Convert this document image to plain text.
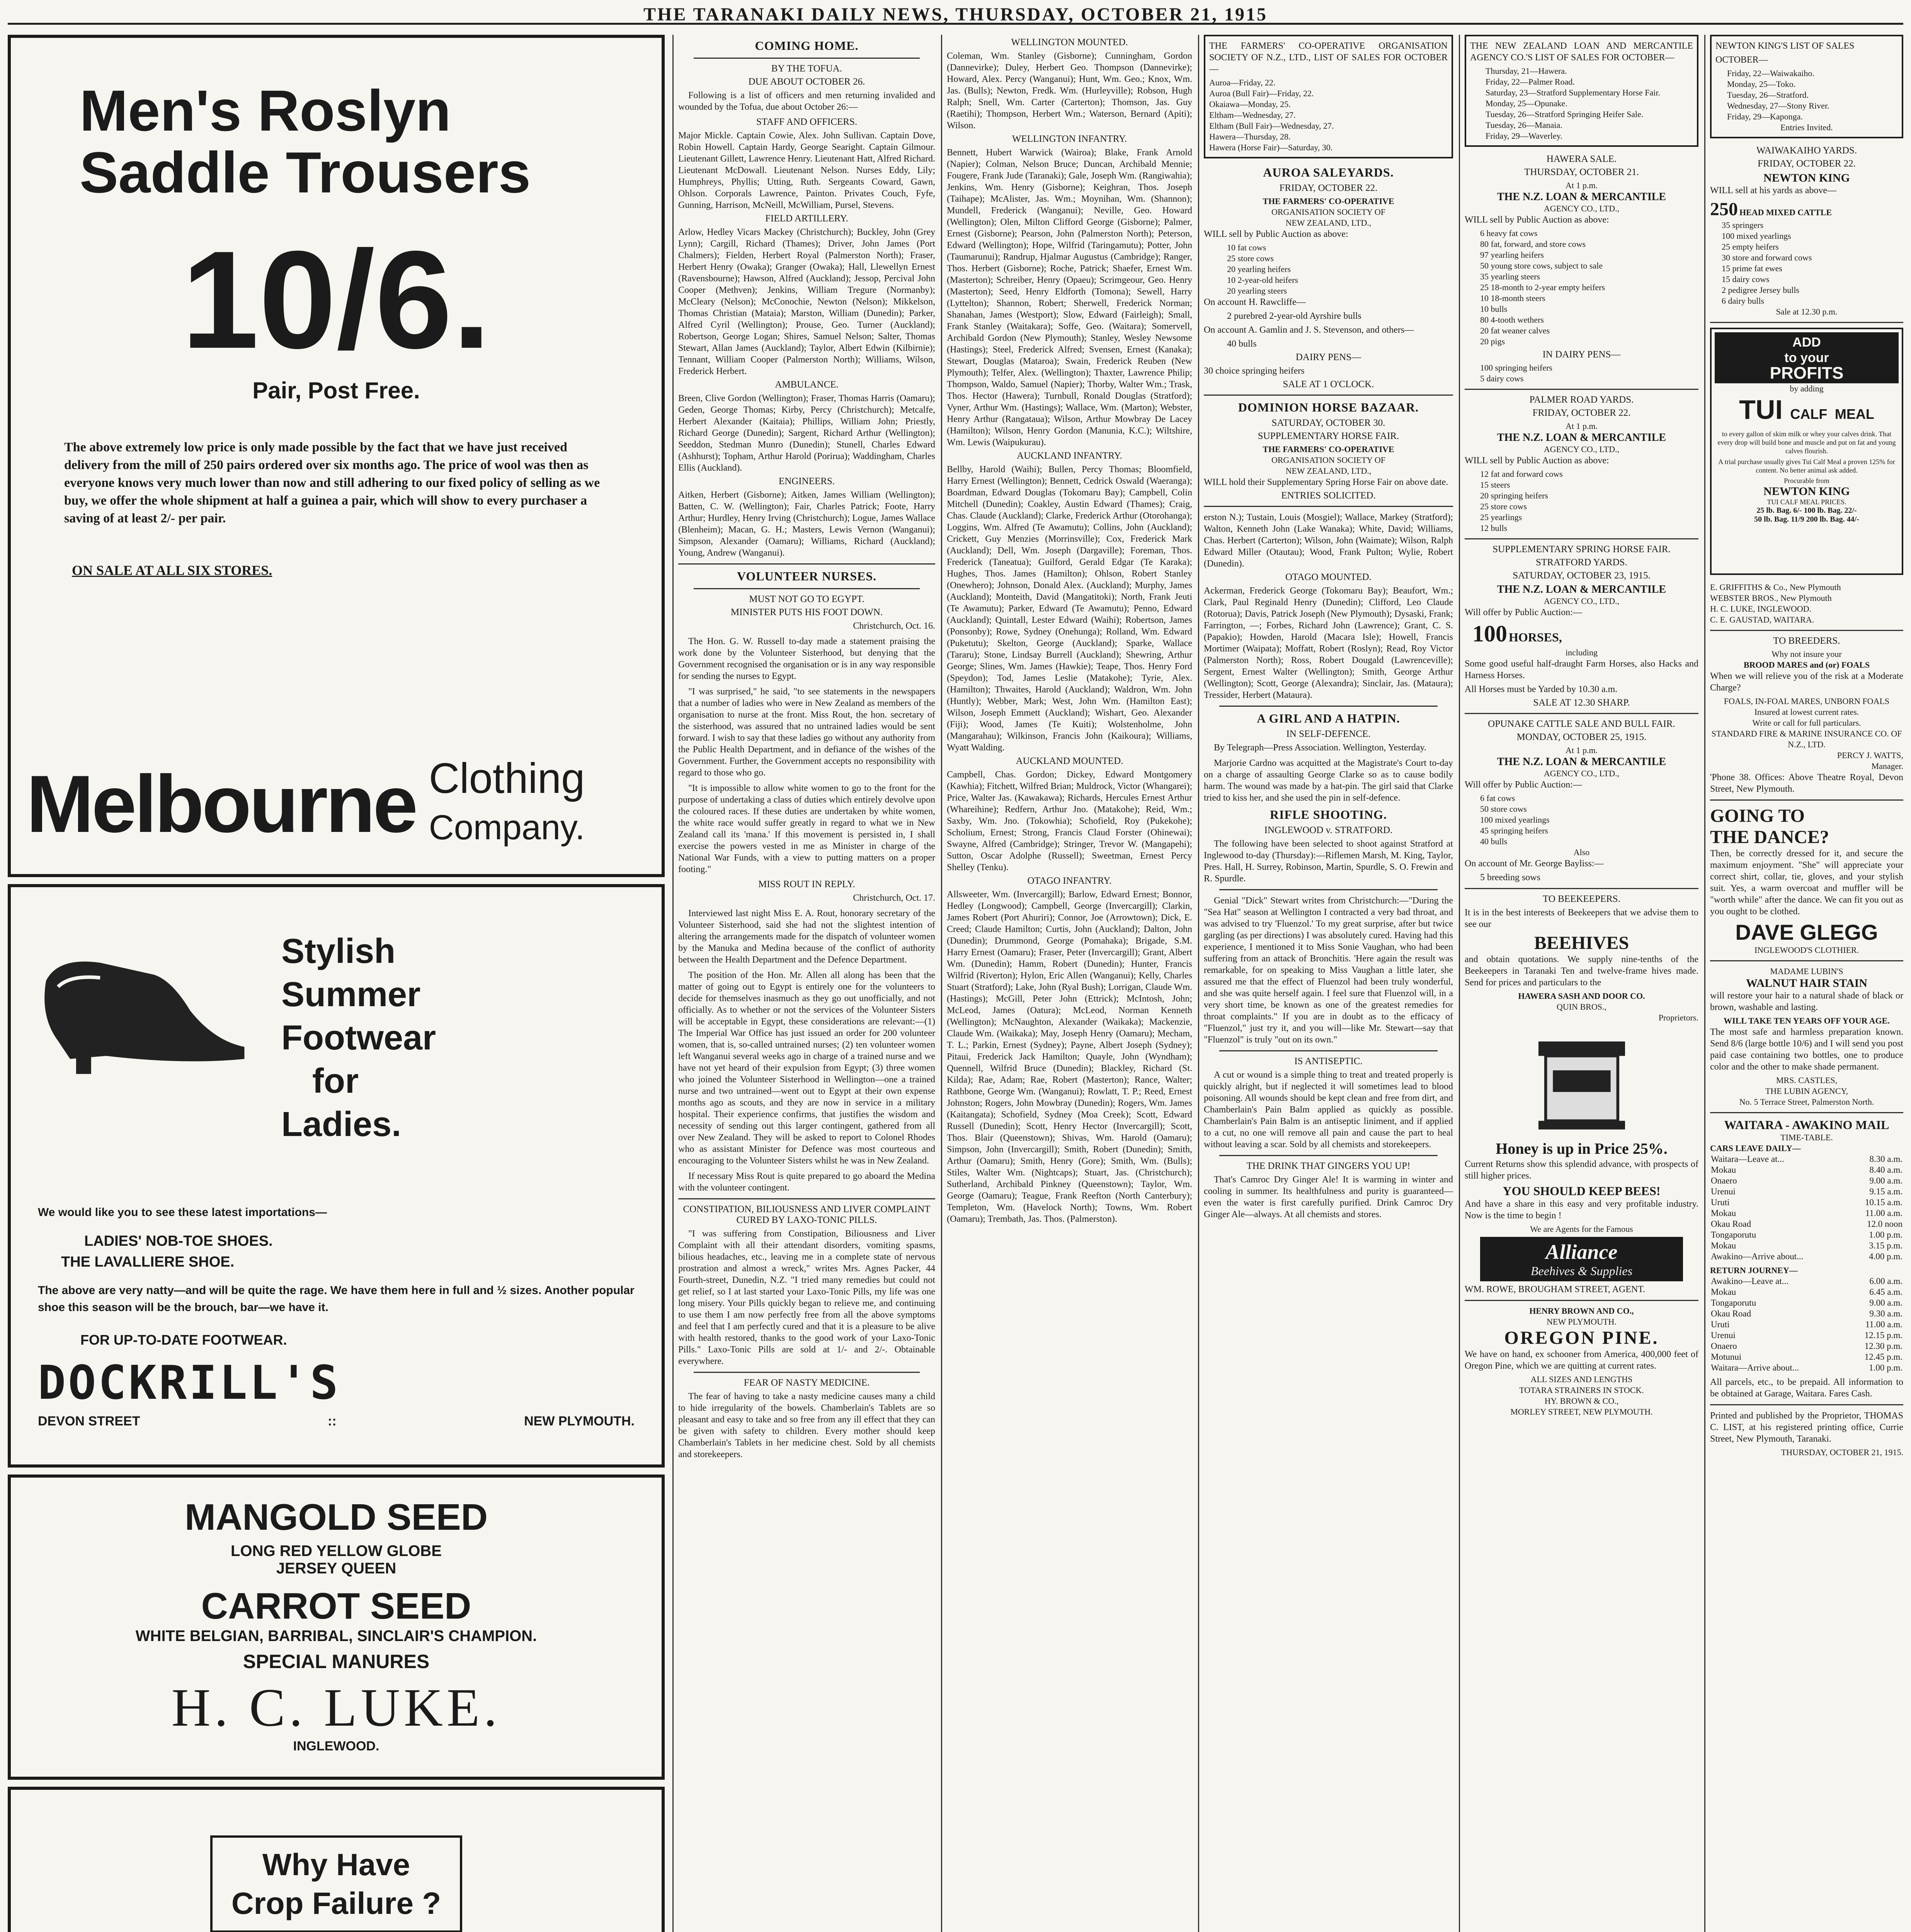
THE TARANAKI DAILY NEWS, THURSDAY, OCTOBER 21, 1915
Men's Roslyn
Saddle Trousers
10/6.
Pair, Post Free.

The above extremely low price is only made possible by the fact that we have just received delivery from the mill of 250 pairs ordered over six months ago. The price of wool was then as everyone knows very much lower than now and still adhering to our fixed policy of selling as we buy, we offer the whole shipment at half a guinea a pair, which will show to every purchaser a saving of at least 2/- per pair.

ON SALE AT ALL SIX STORES.
Melbourne Clothing
Company.
Stylish
Summer
Footwear
for
Ladies.
We would like you to see these latest importations—
LADIES' NOB-TOE SHOES.
THE LAVALLIERE SHOE.
The above are very natty—and will be quite the rage. We have them here in full and ½ sizes. Another popular shoe this season will be the brouch, bar—we have it.
FOR UP-TO-DATE FOOTWEAR.
DOCKRILL'S
DEVON STREET	::	NEW PLYMOUTH.
MANGOLD SEED
LONG RED YELLOW GLOBE
JERSEY QUEEN
CARROT SEED
WHITE BELGIAN, BARRIBAL, SINCLAIR'S CHAMPION.
SPECIAL MANURES
H. C. LUKE.
INGLEWOOD.
Why Have
Crop Failure ?
COMING HOME.
BY THE TOFUA.
DUE ABOUT OCTOBER 26.

Following is a list of officers and men returning invalided and wounded by the Tofua, due about October 26:—

STAFF AND OFFICERS.

Major Mickle. Captain Cowie, Alex. John Sullivan. Captain Dove, Robin Howell. Captain Hardy, George Searight. Captain Gilmour. Lieutenant Gillett, Lawrence Henry. Lieutenant Hatt, Alfred Richard. Lieutenant McDowall. Lieutenant Nelson. Nurses Eddy, Lily; Humphreys, Phyllis; Utting, Ruth. Sergeants Coward, Gawn, Ohlson. Corporals Lawrence, Painton. Privates Couch, Fyfe, Gunning, Harrison, McNeill, McWilliam, Pursel, Stevens.

FIELD ARTILLERY.

Arlow, Hedley Vicars Mackey (Christchurch); Buckley, John (Grey Lynn); Cargill, Richard (Thames); Driver, John James (Port Chalmers); Fielden, Herbert Royal (Palmerston North); Fraser, Herbert Henry (Owaka); Granger (Owaka); Hall, Llewellyn Ernest (Ravensbourne); Hawson, Alfred (Auckland); Jessop, Percival John Cooper (Methven); Jenkins, William Tregure (Normanby); McCleary (Nelson); McConochie, Newton (Nelson); Mikkelson, Thomas Christian (Mataia); Marston, William (Dunedin); Parker, Alfred Cyril (Wellington); Prouse, Geo. Turner (Auckland); Robertson, George Logan; Shires, Samuel Nelson; Salter, Thomas Stewart, Allan James (Auckland); Taylor, Albert Edwin (Kilbirnie); Tennant, William Cooper (Palmerston North); Williams, Wilson, Frederick Herbert.

AMBULANCE.

Breen, Clive Gordon (Wellington); Fraser, Thomas Harris (Oamaru); Geden, George Thomas; Kirby, Percy (Christchurch); Metcalfe, Herbert Alexander (Kaitaia); Phillips, William John; Priestly, Richard George (Dunedin); Sargent, Richard Arthur (Wellington); Seeddon, Stedman Munro (Dunedin); Stunell, Charles Edward (Ashhurst); Topham, Arthur Harold (Porirua); Waddingham, Charles Ellis (Auckland).

ENGINEERS.

Aitken, Herbert (Gisborne); Aitken, James William (Wellington); Batten, C. W. (Wellington); Fair, Charles Patrick; Foote, Harry Arthur; Hurdley, Henry Irving (Christchurch); Logue, James Wallace (Blenheim); Macan, G. H.; Masters, Lewis Vernon (Wanganui); Simpson, Alexander (Oamaru); Williams, Richard (Auckland); Young, Andrew (Wanganui).

VOLUNTEER NURSES.
MUST NOT GO TO EGYPT.
MINISTER PUTS HIS FOOT DOWN.

Christchurch, Oct. 16.

The Hon. G. W. Russell to-day made a statement praising the work done by the Volunteer Sisterhood, but denying that the Government recognised the organisation or is in any way responsible for sending the nurses to Egypt.

"I was surprised," he said, "to see statements in the newspapers that a number of ladies who were in New Zealand as members of the organisation to nurse at the front. Miss Rout, the hon. secretary of the sisterhood, was assured that no untrained ladies would be sent forward. I wish to say that these ladies go without any authority from the Public Health Department, and in defiance of the wishes of the Government. Further, the Government accepts no responsibility with regard to those who go.

"It is impossible to allow white women to go to the front for the purpose of undertaking a class of duties which entirely devolve upon the coloured races. If these duties are undertaken by white women, the white race would suffer greatly in regard to what we in New Zealand call its 'mana.' If this movement is persisted in, I shall exercise the powers vested in me as Minister in charge of the National War Funds, with a view to putting matters on a proper footing."

MISS ROUT IN REPLY.

Christchurch, Oct. 17.

Interviewed last night Miss E. A. Rout, honorary secretary of the Volunteer Sisterhood, said she had not the slightest intention of altering the arrangements made for the dispatch of volunteer women by the Manuka and Medina because of the conflict of authority between the Health Department and the Defence Department.

The position of the Hon. Mr. Allen all along has been that the matter of going out to Egypt is entirely one for the volunteers to decide for themselves inasmuch as they go out unofficially, and not officially. As to whether or not the services of the Volunteer Sisters will be acceptable in Egypt, these considerations are relevant:—(1) The Imperial War Office has just issued an order for 200 volunteer women, that is, so-called untrained nurses; (2) ten volunteer women left Wanganui several weeks ago in charge of a trained nurse and we have not yet heard of their expulsion from Egypt; (3) three women who joined the Volunteer Sisterhood in Wellington—one a trained nurse and two untrained—went out to Egypt at their own expense months ago as scouts, and they are now in service in a military hospital. Their experience confirms, that justifies the wisdom and necessity of sending out this larger contingent, gathered from all over New Zealand. They will be asked to report to Colonel Rhodes who as assistant Minister for Defence was most courteous and encouraging to the Volunteer Sisters whilst he was in New Zealand.

If necessary Miss Rout is quite prepared to go aboard the Medina with the volunteer contingent.

CONSTIPATION, BILIOUSNESS AND LIVER COMPLAINT CURED BY LAXO-TONIC PILLS.

"I was suffering from Constipation, Biliousness and Liver Complaint with all their attendant disorders, vomiting spasms, bilious headaches, etc., leaving me in a complete state of nervous prostration and almost a wreck," writes Mrs. Agnes Packer, 44 Fourth-street, Dunedin, N.Z. "I tried many remedies but could not get relief, so I at last started your Laxo-Tonic Pills, my life was one long misery. Your Pills quickly began to relieve me, and continuing to use them I am now perfectly free from all the above symptoms and feel that I am perfectly cured and that it is a pleasure to be alive with health restored, thanks to the good work of your Laxo-Tonic Pills." Laxo-Tonic Pills are sold at 1/- and 2/-. Obtainable everywhere.

FEAR OF NASTY MEDICINE.

The fear of having to take a nasty medicine causes many a child to hide irregularity of the bowels. Chamberlain's Tablets are so pleasant and easy to take and so free from any ill effect that they can be given with safety to children. Every mother should keep Chamberlain's Tablets in her medicine chest. Sold by all chemists and storekeepers.

WELLINGTON MOUNTED.

Coleman, Wm. Stanley (Gisborne); Cunningham, Gordon (Dannevirke); Duley, Herbert Geo. Thompson (Dannevirke); Howard, Alex. Percy (Wanganui); Hunt, Wm. Geo.; Knox, Wm. Jas. (Bulls); Newton, Fredk. Wm. (Hurleyville); Robson, Hugh Ralph; Snell, Wm. Carter (Carterton); Thomson, Jas. Guy (Raetihi); Thompson, Herbert Wm.; Waterson, Bernard (Apiti); Wilson.

WELLINGTON INFANTRY.

Bennett, Hubert Warwick (Wairoa); Blake, Frank Arnold (Napier); Colman, Nelson Bruce; Duncan, Archibald Mennie; Fougere, Frank Jude (Taranaki); Gale, Joseph Wm. (Rangiwahia); Jenkins, Wm. Henry (Gisborne); Keighran, Thos. Joseph (Taihape); McAlister, Jas. Wm.; Moynihan, Wm. (Shannon); Mundell, Frederick (Wanganui); Neville, Geo. Howard (Wellington); Olen, Milton Clifford George (Gisborne); Palmer, Ernest (Gisborne); Pearson, John (Palmerston North); Peterson, Edward (Wellington); Hope, Wilfrid (Taringamutu); Potter, John (Taumarunui); Randrup, Hjalmar Augustus (Cambridge); Ranger, Thos. Herbert (Gisborne); Roche, Patrick; Shaefer, Ernest Wm. (Masterton); Schreiber, Henry (Opaeu); Scrimgeour, Geo. Henry (Masterton); Seed, Henry Eldforth (Tomona); Sewell, Harry (Lyttelton); Shannon, Robert; Sherwell, Frederick Norman; Shanahan, James (Westport); Slow, Edward (Fairleigh); Small, Frank Stanley (Waitakara); Soffe, Geo. (Waitara); Somervell, Archibald Gordon (New Plymouth); Stanley, Wesley Newsome (Hastings); Steel, Frederick Alfred; Svensen, Ernest (Kanaka); Stewart, Douglas (Mataroa); Swain, Frederick Reuben (New Plymouth); Telfer, Alex. (Wellington); Thaxter, Lawrence Philip; Thompson, Waldo, Samuel (Napier); Thorby, Walter Wm.; Trask, Thos. Hector (Hawera); Turnbull, Ronald Douglas (Stratford); Vyner, Arthur Wm. (Hastings); Wallace, Wm. (Marton); Webster, Henry Arthur (Rangataua); Wilson, Arthur Mowbray De Lacey (Hamilton); Wilson, Henry Gordon (Manunia, K.C.); Wiltshire, Wm. Lewis (Waipukurau).

AUCKLAND INFANTRY.

Bellby, Harold (Waihi); Bullen, Percy Thomas; Bloomfield, Harry Ernest (Wellington); Bennett, Cedrick Oswald (Waeranga); Boardman, Edward Douglas (Tokomaru Bay); Campbell, Colin Mitchell (Dunedin); Coakley, Austin Edward (Thames); Craig, Chas. Claude (Auckland); Clarke, Frederick Arthur (Otorohanga); Loggins, Wm. Alfred (Te Awamutu); Collins, John (Auckland); Crickett, Guy Menzies (Morrinsville); Cox, Frederick Mark (Auckland); Dell, Wm. Joseph (Dargaville); Foreman, Thos. Frederick (Taneatua); Guilford, Gerald Edgar (Te Karaka); Hughes, Thos. James (Hamilton); Ohlson, Robert Stanley (Onewhero); Johnson, Donald Alex. (Auckland); Murphy, James (Auckland); Monteith, David (Mangatitoki); North, Frank Jeuti (Te Awamutu); Parker, Edward (Te Awamutu); Penno, Edward (Auckland); Quintall, Lester Edward (Waihi); Robertson, James (Ponsonby); Rowe, Sydney (Onehunga); Rolland, Wm. Edward (Puketutu); Skelton, George (Auckland); Sparke, Wallace (Tararu); Stone, Lindsay Burrell (Auckland); Shewring, Arthur George; Slines, Wm. James (Hawkie); Teape, Thos. Henry Ford (Speydon); Tod, James Leslie (Matakohe); Tyrie, Alex. (Hamilton); Thwaites, Harold (Auckland); Waldron, Wm. John (Huntly); Webber, Mark; West, John Wm. (Hamilton East); Wilson, Joseph Emmett (Auckland); Wishart, Geo. Alexander (Fiji); Wood, James (Te Kuiti); Wolstenholme, John (Mangarahau); Wilkinson, Francis John (Kaikoura); Williams, Wyatt Walding.

AUCKLAND MOUNTED.

Campbell, Chas. Gordon; Dickey, Edward Montgomery (Kawhia); Fitchett, Wilfred Brian; Muldrock, Victor (Whangarei); Price, Walter Jas. (Kawakawa); Richards, Hercules Ernest Arthur (Whareihine); Redfern, Arthur Jno. (Matakohe); Reid, Wm.; Saxby, Wm. Jno. (Tokowhia); Schofield, Roy (Pukekohe); Scholium, Ernest; Strong, Francis Claud Forster (Ohinewai); Swayne, Alfred (Cambridge); Stringer, Trevor W. (Mangapehi); Sutton, Oscar Adolphe (Russell); Sweetman, Ernest Percy Shelley (Tenku).

OTAGO INFANTRY.

Allsweeter, Wm. (Invercargill); Barlow, Edward Ernest; Bonnor, Hedley (Longwood); Campbell, George (Invercargill); Clarkin, James Robert (Port Ahuriri); Connor, Joe (Arrowtown); Dick, E. Creed; Claude Hamilton; Curtis, John (Auckland); Dalton, John (Dunedin); Drummond, George (Pomahaka); Brigade, S.M. Harry Ernest (Oamaru); Fraser, Peter (Invercargill); Grant, Albert Wm. (Dunedin); Hamm, Robert (Dunedin); Hunter, Francis Wilfrid (Riverton); Hylon, Eric Allen (Wanganui); Kelly, Charles Stuart (Stratford); Lake, John (Ryal Bush); Lorrigan, Claude Wm. (Hastings); McGill, Peter John (Ettrick); McIntosh, John; McLeod, James (Oatura); McLeod, Norman Kenneth (Wellington); McNaughton, Alexander (Waikaka); Mackenzie, Claude Wm. (Waikaka); May, Joseph Henry (Oamaru); Mecham, T. L.; Parkin, Ernest (Sydney); Payne, Albert Joseph (Sydney); Pitaui, Frederick Jack Hamilton; Quayle, John (Wyndham); Quennell, Wilfrid Bruce (Dunedin); Blackley, Richard (St. Kilda); Rae, Adam; Rae, Robert (Masterton); Rance, Walter; Rathbone, George Wm. (Wanganui); Rowlatt, T. P.; Reed, Ernest Johnston; Rogers, John Mowbray (Dunedin); Rogers, Wm. James (Kaitangata); Schofield, Sydney (Moa Creek); Scott, Edward Russell (Dunedin); Scott, Henry Hector (Invercargill); Scott, Thos. Blair (Queenstown); Shivas, Wm. Harold (Oamaru); Simpson, John (Invercargill); Smith, Robert (Dunedin); Smith, Arthur (Oamaru); Smith, Henry (Gore); Smith, Wm. (Bulls); Stiles, Walter Wm. (Nightcaps); Stuart, Jas. (Christchurch); Sutherland, Archibald Pinkney (Queenstown); Taylor, Wm. George (Oamaru); Teague, Frank Reefton (North Canterbury); Templeton, Wm. (Havelock North); Towns, Wm. Robert (Oamaru); Trembath, Jas. Thos. (Palmerston).

THE FARMERS' CO-OPERATIVE ORGANISATION SOCIETY OF N.Z., LTD., LIST OF SALES FOR OCTOBER—

Auroa—Friday, 22.
Auroa (Bull Fair)—Friday, 22.
Okaiawa—Monday, 25.
Eltham—Wednesday, 27.
Eltham (Bull Fair)—Wednesday, 27.
Hawera—Thursday, 28.
Hawera (Horse Fair)—Saturday, 30.
AUROA SALEYARDS.
FRIDAY, OCTOBER 22.
THE FARMERS' CO-OPERATIVE
ORGANISATION SOCIETY OF
NEW ZEALAND, LTD.,

WILL sell by Public Auction as above:

10 fat cows
25 store cows
20 yearling heifers
10 2-year-old heifers
20 yearling steers

On account H. Rawcliffe—

2 purebred 2-year-old Ayrshire bulls

On account A. Gamlin and J. S. Stevenson, and others—

40 bulls

DAIRY PENS—

30 choice springing heifers

SALE AT 1 O'CLOCK.
DOMINION HORSE BAZAAR.
SATURDAY, OCTOBER 30.
SUPPLEMENTARY HORSE FAIR.
THE FARMERS' CO-OPERATIVE
ORGANISATION SOCIETY OF
NEW ZEALAND, LTD.,

WILL hold their Supplementary Spring Horse Fair on above date.

ENTRIES SOLICITED.

erston N.); Tustain, Louis (Mosgiel); Wallace, Markey (Stratford); Walton, Kenneth John (Lake Wanaka); White, David; Williams, Chas. Herbert (Carterton); Wilson, John (Waimate); Wilson, Ralph Edward Miller (Otautau); Wood, Frank Pulton; Wylie, Robert (Dunedin).

OTAGO MOUNTED.

Ackerman, Frederick George (Tokomaru Bay); Beaufort, Wm.; Clark, Paul Reginald Henry (Dunedin); Clifford, Leo Claude (Rotorua); Davis, Patrick Joseph (New Plymouth); Dysaski, Frank; Farrington, —; Forbes, Richard John (Lawrence); Grant, C. S. (Papakio); Howden, Harold (Macara Isle); Howell, Francis Mortimer (Waipata); Moffatt, Robert (Roslyn); Read, Roy Victor (Palmerston North); Ross, Robert Dougald (Lawrenceville); Sergent, Ernest Walter (Wellington); Smith, George Arthur (Wellington); Scott, George (Alexandra); Sinclair, Jas. (Mataura); Tressider, Herbert (Mataura).

A GIRL AND A HATPIN.
IN SELF-DEFENCE.

By Telegraph—Press Association. Wellington, Yesterday.

Marjorie Cardno was acquitted at the Magistrate's Court to-day on a charge of assaulting George Clarke so as to cause bodily harm. The wound was made by a hat-pin. The girl said that Clarke tried to kiss her, and she used the pin in self-defence.

RIFLE SHOOTING.
INGLEWOOD v. STRATFORD.

The following have been selected to shoot against Stratford at Inglewood to-day (Thursday):—Riflemen Marsh, M. King, Taylor, Pres. Hall, H. Surrey, Robinson, Martin, Spurdle, S. O. Frewin and R. Spurdle.

Genial "Dick" Stewart writes from Christchurch:—"During the "Sea Hat" season at Wellington I contracted a very bad throat, and was advised to try 'Fluenzol.' To my great surprise, after but twice gargling (as per directions) I was absolutely cured. Having had this experience, I mentioned it to Miss Sonie Vaughan, who had been suffering from an attack of Bronchitis. 'Here again the result was remarkable, for on speaking to Miss Vaughan a little later, she assured me that the effect of Fluenzol had been truly wonderful, and she was quite herself again. I feel sure that Fluenzol will, in a very short time, be known as one of the greatest remedies for throat complaints." If you are in doubt as to the efficacy of "Fluenzol," just try it, and you will—like Mr. Stewart—say that "Fluenzol" is truly "out on its own."

IS ANTISEPTIC.

A cut or wound is a simple thing to treat and treated properly is quickly alright, but if neglected it will sometimes lead to blood poisoning. All wounds should be kept clean and free from dirt, and Chamberlain's Pain Balm applied as quickly as possible. Chamberlain's Pain Balm is an antiseptic liniment, and if applied to a cut, no one will remove all pain and cause the part to heal without leaving a scar. Sold by all chemists and storekeepers.

THE DRINK THAT GINGERS YOU UP!

That's Camroc Dry Ginger Ale! It is warming in winter and cooling in summer. Its healthfulness and purity is guaranteed—even the water is first carefully purified. Drink Camroc Dry Ginger Ale—always. At all chemists and stores.

THE NEW ZEALAND LOAN AND MERCANTILE AGENCY CO.'S LIST OF SALES FOR OCTOBER—

Thursday, 21—Hawera.
Friday, 22—Palmer Road.
Saturday, 23—Stratford Supplementary Horse Fair.
Monday, 25—Opunake.
Tuesday, 26—Stratford Springing Heifer Sale.
Tuesday, 26—Manaia.
Friday, 29—Waverley.
HAWERA SALE.
THURSDAY, OCTOBER 21.
At 1 p.m.
THE N.Z. LOAN & MERCANTILE
AGENCY CO., LTD.,

WILL sell by Public Auction as above:

6 heavy fat cows
80 fat, forward, and store cows
97 yearling heifers
50 young store cows, subject to sale
35 yearling steers
25 18-month to 2-year empty heifers
10 18-month steers
10 bulls
80 4-tooth wethers
20 fat weaner calves
20 pigs
IN DAIRY PENS—
100 springing heifers
5 dairy cows
PALMER ROAD YARDS.
FRIDAY, OCTOBER 22.
At 1 p.m.
THE N.Z. LOAN & MERCANTILE
AGENCY CO., LTD.,

WILL sell by Public Auction as above:

12 fat and forward cows
15 steers
20 springing heifers
25 store cows
25 yearlings
12 bulls
SUPPLEMENTARY SPRING HORSE FAIR.
STRATFORD YARDS.
SATURDAY, OCTOBER 23, 1915.
THE N.Z. LOAN & MERCANTILE
AGENCY CO., LTD.,

Will offer by Public Auction:—

100 HORSES,
including

Some good useful half-draught Farm Horses, also Hacks and Harness Horses.

All Horses must be Yarded by 10.30 a.m.

SALE AT 12.30 SHARP.
OPUNAKE CATTLE SALE AND BULL FAIR.
MONDAY, OCTOBER 25, 1915.
At 1 p.m.
THE N.Z. LOAN & MERCANTILE
AGENCY CO., LTD.,

Will offer by Public Auction:—

6 fat cows
50 store cows
100 mixed yearlings
45 springing heifers
40 bulls
Also

On account of Mr. George Bayliss:—

5 breeding sows

TO BEEKEEPERS.

It is in the best interests of Beekeepers that we advise them to see our

BEEHIVES

and obtain quotations. We supply nine-tenths of the Beekeepers in Taranaki Ten and twelve-frame hives made. Send for prices and particulars to the

HAWERA SASH AND DOOR CO.
QUIN BROS.,
Proprietors.
Honey is up in Price 25%.

Current Returns show this splendid advance, with prospects of still higher prices.

YOU SHOULD KEEP BEES!

And have a share in this easy and very profitable industry. Now is the time to begin !

We are Agents for the Famous
Alliance
Beehives & Supplies

WM. ROWE, BROUGHAM STREET, AGENT.

HENRY BROWN AND CO.,
NEW PLYMOUTH.
OREGON PINE.

We have on hand, ex schooner from America, 400,000 feet of Oregon Pine, which we are quitting at current rates.

ALL SIZES AND LENGTHS
TOTARA STRAINERS IN STOCK.
HY. BROWN & CO.,
MORLEY STREET, NEW PLYMOUTH.

NEWTON KING'S LIST OF SALES

OCTOBER—

Friday, 22—Waiwakaiho.
Monday, 25—Toko.
Tuesday, 26—Stratford.
Wednesday, 27—Stony River.
Friday, 29—Kaponga.
Entries Invited.
WAIWAKAIHO YARDS.
FRIDAY, OCTOBER 22.
NEWTON KING

WILL sell at his yards as above—

250 HEAD MIXED CATTLE
35 springers
100 mixed yearlings
25 empty heifers
30 store and forward cows
15 prime fat ewes
15 dairy cows
2 pedigree Jersey bulls
6 dairy bulls
Sale at 12.30 p.m.
ADD
to your
PROFITS
by adding
TUI CALF MEAL
to every gallon of skim milk or whey your calves drink. That every drop will build bone and muscle and put on fat and young calves flourish.
A trial purchase usually gives Tui Calf Meal a proven 125% for content. No better animal ask added.
Procurable from
NEWTON KING
TUI CALF MEAL PRICES.
25 lb. Bag. 6/- 100 lb. Bag. 22/-
50 lb. Bag. 11/9 200 lb. Bag. 44/-
E. GRIFFITHS & Co., New Plymouth
WEBSTER BROS., New Plymouth
H. C. LUKE, INGLEWOOD.
C. E. GAUSTAD, WAITARA.
TO BREEDERS.
Why not insure your
BROOD MARES and (or) FOALS

When we will relieve you of the risk at a Moderate Charge?

FOALS, IN-FOAL MARES, UNBORN FOALS
Insured at lowest current rates.
Write or call for full particulars.
STANDARD FIRE & MARINE INSURANCE CO. OF N.Z., LTD.
PERCY J. WATTS,
Manager.

'Phone 38. Offices: Above Theatre Royal, Devon Street, New Plymouth.

GOING TO
THE DANCE?

Then, be correctly dressed for it, and secure the maximum enjoyment. "She" will appreciate your correct shirt, collar, tie, gloves, and your stylish suit. Yes, a warm overcoat and muffler will be "worth while" after the dance. We can fit you out as you ought to be clothed.

DAVE GLEGG
INGLEWOOD'S CLOTHIER.
MADAME LUBIN'S
WALNUT HAIR STAIN

will restore your hair to a natural shade of black or brown, washable and lasting.

WILL TAKE TEN YEARS OFF YOUR AGE.

The most safe and harmless preparation known. Send 8/6 (large bottle 10/6) and I will send you post paid case containing two bottles, one to produce color and the other to make shade permanent.

MRS. CASTLES,
THE LUBIN AGENCY,
No. 5 Terrace Street, Palmerston North.
WAITARA - AWAKINO MAIL
TIME-TABLE.
CARS LEAVE DAILY—
Waitara—Leave at...	8.30 a.m.
Mokau	8.40 a.m.
Onaero	9.00 a.m.
Urenui	9.15 a.m.
Uruti	10.15 a.m.
Mokau	11.00 a.m.
Okau Road	12.0 noon
Tongaporutu	1.00 p.m.
Mokau	3.15 p.m.
Awakino—Arrive about...	4.00 p.m.
RETURN JOURNEY—
Awakino—Leave at...	6.00 a.m.
Mokau	6.45 a.m.
Tongaporutu	9.00 a.m.
Okau Road	9.30 a.m.
Uruti	11.00 a.m.
Urenui	12.15 p.m.
Onaero	12.30 p.m.
Motunui	12.45 p.m.
Waitara—Arrive about...	1.00 p.m.

All parcels, etc., to be prepaid. All information to be obtained at Garage, Waitara. Fares Cash.

Printed and published by the Proprietor, THOMAS C. LIST, at his registered printing office, Currie Street, New Plymouth, Taranaki.

THURSDAY, OCTOBER 21, 1915.
